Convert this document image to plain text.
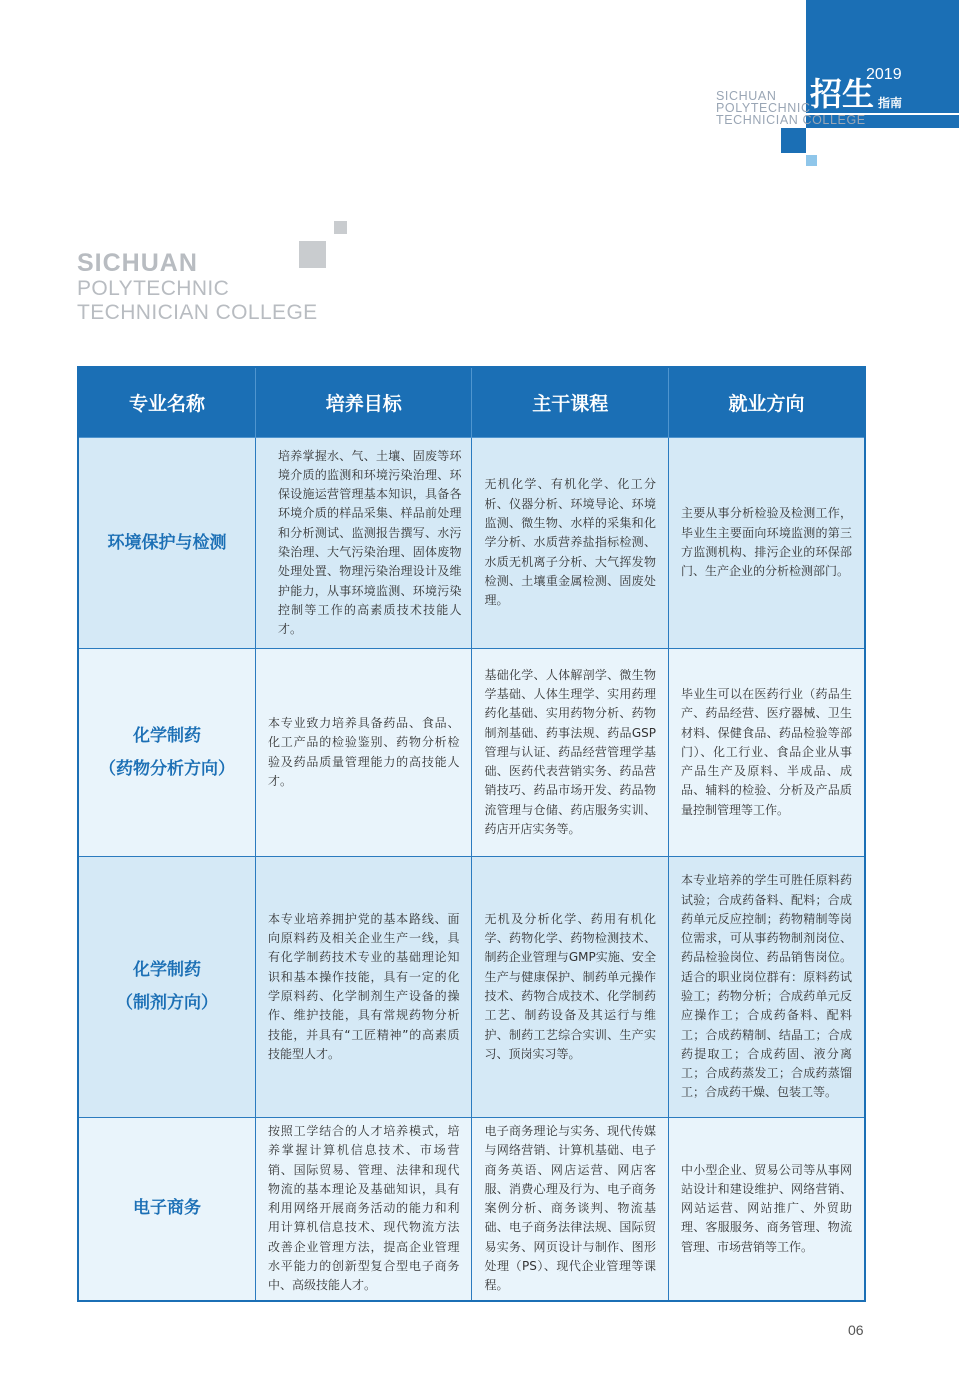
SICHUAN
POLYTECHNIC
TECHNICIAN COLLEGE
2019
招生 指南
SICHUAN
POLYTECHNIC
TECHNICIAN COLLEGE
专业名称	培养目标	主干课程	就业方向

环境保护与检测	培养掌握水、气、土壤、固废等环境介质的监测和环境污染治理、环保设施运营管理基本知识，具备各环境介质的样品采集、样品前处理和分析测试、监测报告撰写、水污染治理、大气污染治理、固体废物处理处置、物理污染治理设计及维护能力，从事环境监测、环境污染控制等工作的高素质技术技能人才。	无机化学、有机化学、化工分析、仪器分析、环境导论、环境监测、微生物、水样的采集和化学分析、水质营养盐指标检测、水质无机离子分析、大气挥发物检测、土壤重金属检测、固废处理。	主要从事分析检验及检测工作，毕业生主要面向环境监测的第三方监测机构、排污企业的环保部门、生产企业的分析检测部门。

化学制药
（药物分析方向）	本专业致力培养具备药品、食品、化工产品的检验鉴别、药物分析检验及药品质量管理能力的高技能人才。	基础化学、人体解剖学、微生物学基础、人体生理学、实用药理药化基础、实用药物分析、药物制剂基础、药事法规、药品GSP管理与认证、药品经营管理学基础、医药代表营销实务、药品营销技巧、药品市场开发、药品物流管理与仓储、药店服务实训、药店开店实务等。	毕业生可以在医药行业（药品生产、药品经营、医疗器械、卫生材料、保健食品、药品检验等部门）、化工行业、食品企业从事产品生产及原料、半成品、成品、辅料的检验、分析及产品质量控制管理等工作。

化学制药
（制剂方向）	本专业培养拥护党的基本路线、面向原料药及相关企业生产一线，具有化学制药技术专业的基础理论知识和基本操作技能，具有一定的化学原料药、化学制剂生产设备的操作、维护技能，具有常规药物分析技能，并具有“工匠精神”的高素质技能型人才。	无机及分析化学、药用有机化学、药物化学、药物检测技术、制药企业管理与GMP实施、安全生产与健康保护、制药单元操作技术、药物合成技术、化学制药工艺、制药设备及其运行与维护、制药工艺综合实训、生产实习、顶岗实习等。	本专业培养的学生可胜任原料药试验；合成药备料、配料；合成药单元反应控制；药物精制等岗位需求，可从事药物制剂岗位、药品检验岗位、药品销售岗位。适合的职业岗位群有：原料药试验工；药物分析；合成药单元反应操作工；合成药备料、配料工；合成药精制、结晶工；合成药提取工；合成药固、液分离工；合成药蒸发工；合成药蒸馏工；合成药干燥、包装工等。

电子商务	按照工学结合的人才培养模式，培养掌握计算机信息技术、市场营销、国际贸易、管理、法律和现代物流的基本理论及基础知识，具有利用网络开展商务活动的能力和利用计算机信息技术、现代物流方法改善企业管理方法，提高企业管理水平能力的创新型复合型电子商务中、高级技能人才。	电子商务理论与实务、现代传媒与网络营销、计算机基础、电子商务英语、网店运营、网店客服、消费心理及行为、电子商务案例分析、商务谈判、物流基础、电子商务法律法规、国际贸易实务、网页设计与制作、图形处理（PS）、现代企业管理等课程。	中小型企业、贸易公司等从事网站设计和建设维护、网络营销、网站运营、网站推广、外贸助理、客服服务、商务管理、物流管理、市场营销等工作。
06
